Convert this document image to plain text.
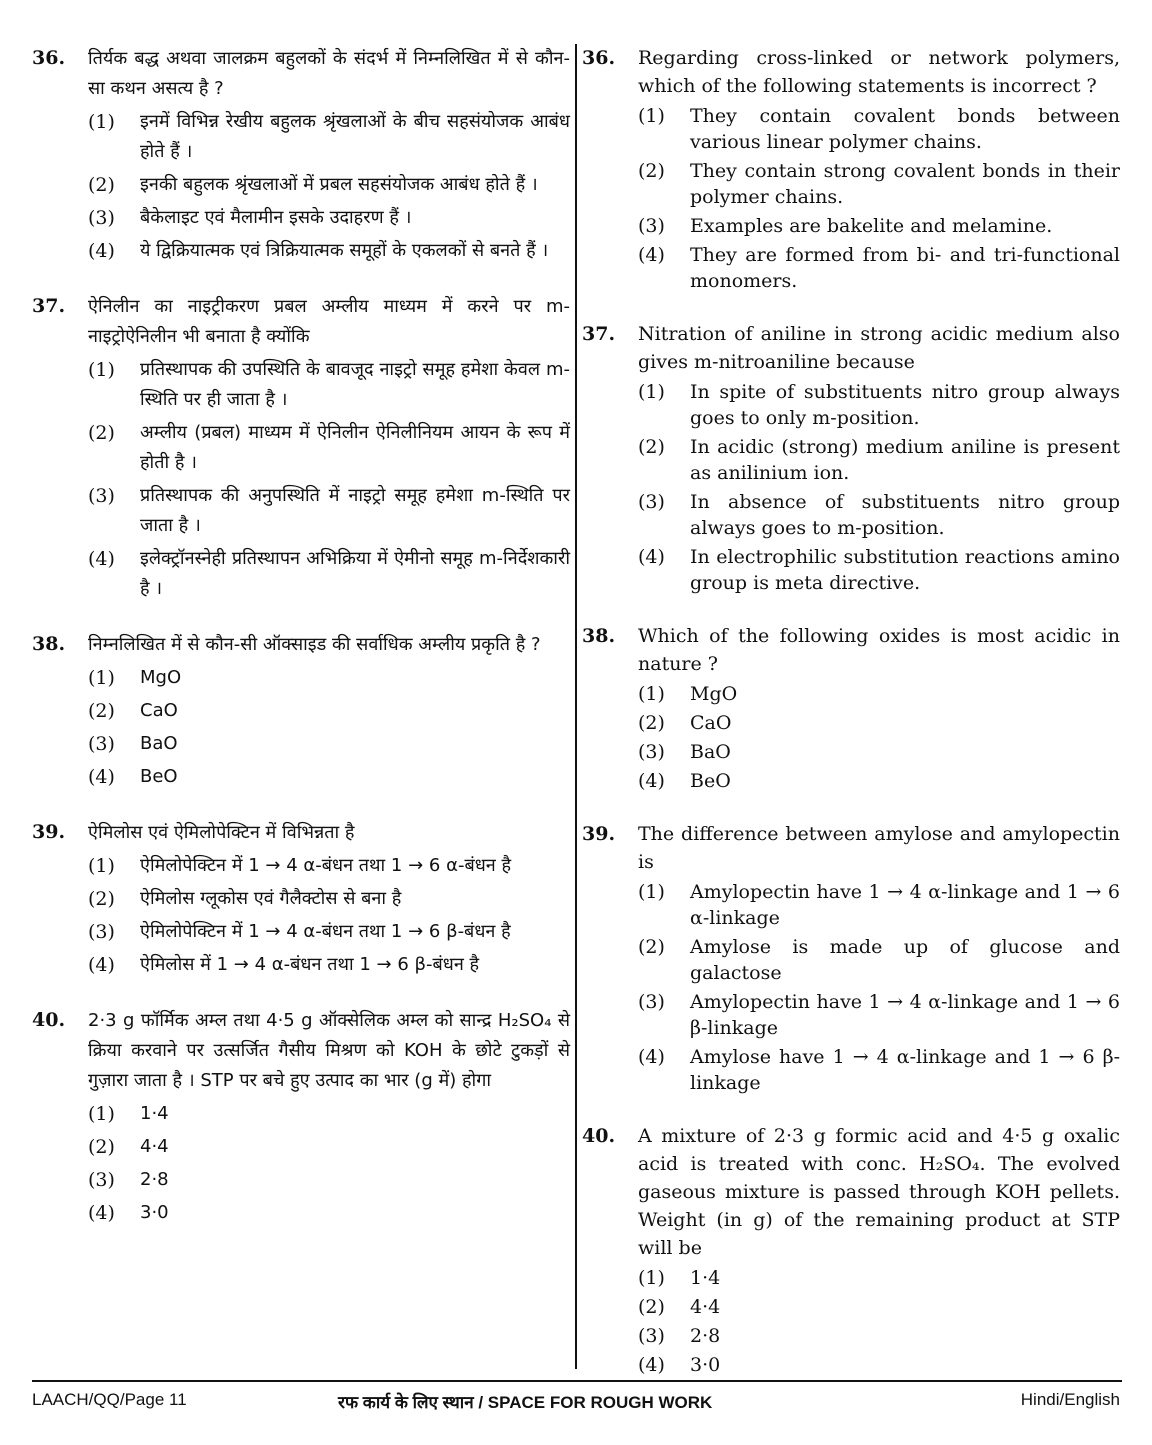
36. तिर्यक बद्ध अथवा जालक्रम बहुलकों के संदर्भ में निम्नलिखित में से कौन-सा कथन असत्य है ?
(1) इनमें विभिन्न रेखीय बहुलक श्रृंखलाओं के बीच सहसंयोजक आबंध होते हैं ।
(2) इनकी बहुलक श्रृंखलाओं में प्रबल सहसंयोजक आबंध होते हैं ।
(3) बैकेलाइट एवं मैलामीन इसके उदाहरण हैं ।
(4) ये द्विक्रियात्मक एवं त्रिक्रियात्मक समूहों के एकलकों से बनते हैं ।
37. ऐनिलीन का नाइट्रीकरण प्रबल अम्लीय माध्यम में करने पर m-नाइट्रोऐनिलीन भी बनाता है क्योंकि
(1) प्रतिस्थापक की उपस्थिति के बावजूद नाइट्रो समूह हमेशा केवल m-स्थिति पर ही जाता है ।
(2) अम्लीय (प्रबल) माध्यम में ऐनिलीन ऐनिलीनियम आयन के रूप में होती है ।
(3) प्रतिस्थापक की अनुपस्थिति में नाइट्रो समूह हमेशा m-स्थिति पर जाता है ।
(4) इलेक्ट्रॉनस्नेही प्रतिस्थापन अभिक्रिया में ऐमीनो समूह m-निर्देशकारी है ।
38. निम्नलिखित में से कौन-सी ऑक्साइड की सर्वाधिक अम्लीय प्रकृति है ?
(1) MgO
(2) CaO
(3) BaO
(4) BeO
39. ऐमिलोस एवं ऐमिलोपेक्टिन में विभिन्नता है
(1) ऐमिलोपेक्टिन में 1 → 4 α-बंधन तथा 1 → 6 α-बंधन है
(2) ऐमिलोस ग्लूकोस एवं गैलैक्टोस से बना है
(3) ऐमिलोपेक्टिन में 1 → 4 α-बंधन तथा 1 → 6 β-बंधन है
(4) ऐमिलोस में 1 → 4 α-बंधन तथा 1 → 6 β-बंधन है
40. 2·3 g फॉर्मिक अम्ल तथा 4·5 g ऑक्सेलिक अम्ल को सान्द्र H₂SO₄ से क्रिया करवाने पर उत्सर्जित गैसीय मिश्रण को KOH के छोटे टुकड़ों से गुज़ारा जाता है । STP पर बचे हुए उत्पाद का भार (g में) होगा
(1) 1·4
(2) 4·4
(3) 2·8
(4) 3·0
36. Regarding cross-linked or network polymers, which of the following statements is incorrect ?
(1) They contain covalent bonds between various linear polymer chains.
(2) They contain strong covalent bonds in their polymer chains.
(3) Examples are bakelite and melamine.
(4) They are formed from bi- and tri-functional monomers.
37. Nitration of aniline in strong acidic medium also gives m-nitroaniline because
(1) In spite of substituents nitro group always goes to only m-position.
(2) In acidic (strong) medium aniline is present as anilinium ion.
(3) In absence of substituents nitro group always goes to m-position.
(4) In electrophilic substitution reactions amino group is meta directive.
38. Which of the following oxides is most acidic in nature ?
(1) MgO
(2) CaO
(3) BaO
(4) BeO
39. The difference between amylose and amylopectin is
(1) Amylopectin have 1 → 4 α-linkage and 1 → 6 α-linkage
(2) Amylose is made up of glucose and galactose
(3) Amylopectin have 1 → 4 α-linkage and 1 → 6 β-linkage
(4) Amylose have 1 → 4 α-linkage and 1 → 6 β-linkage
40. A mixture of 2·3 g formic acid and 4·5 g oxalic acid is treated with conc. H₂SO₄. The evolved gaseous mixture is passed through KOH pellets. Weight (in g) of the remaining product at STP will be
(1) 1·4
(2) 4·4
(3) 2·8
(4) 3·0
LAACH/QQ/Page 11	रफ कार्य के लिए स्थान / SPACE FOR ROUGH WORK	Hindi/English
